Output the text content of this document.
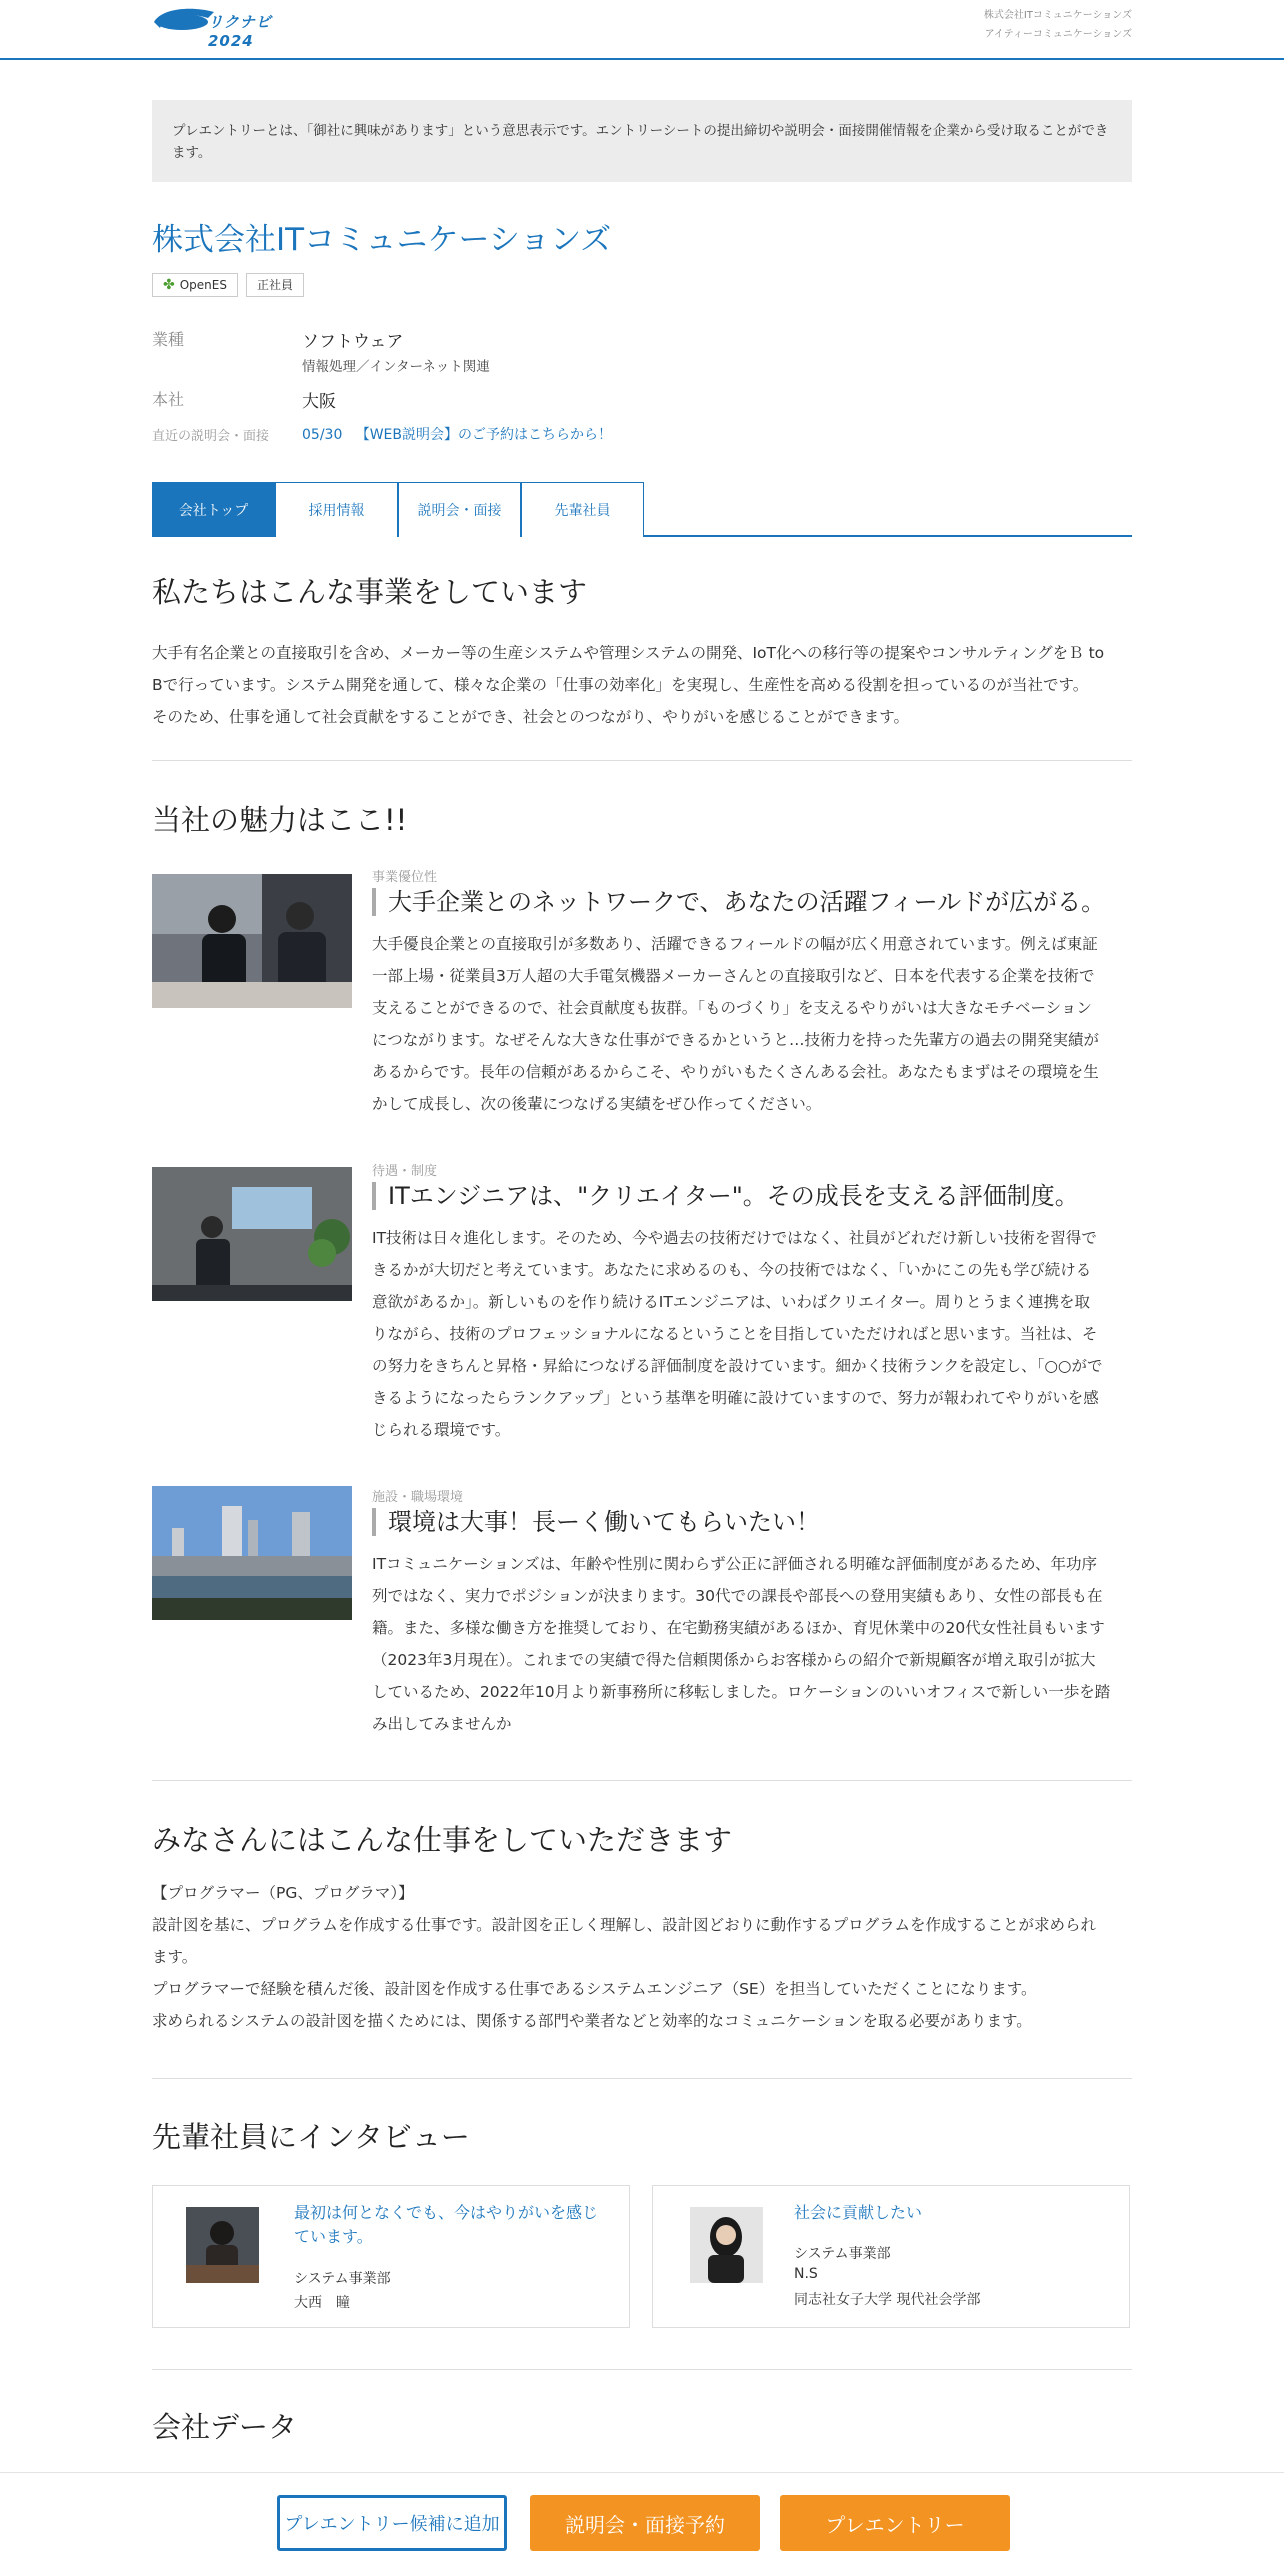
リクナビ2024
株式会社ITコミュニケーションズ
アイティーコミュニケーションズ
プレエントリーとは、「御社に興味があります」という意思表示です。エントリーシートの提出締切や説明会・面接開催情報を企業から受け取ることができます。
株式会社ITコミュニケーションズ
✤ OpenES	正社員
業種	ソフトウェア
情報処理／インターネット関連
本社	大阪
直近の説明会・面接 05/30 【WEB説明会】のご予約はこちらから！
会社トップ	採用情報	説明会・面接	先輩社員
私たちはこんな事業をしています
大手有名企業との直接取引を含め、メーカー等の生産システムや管理システムの開発、IoT化への移行等の提案やコンサルティングをＢ to
Bで行っています。システム開発を通して、様々な企業の「仕事の効率化」を実現し、生産性を高める役割を担っているのが当社です。
そのため、仕事を通して社会貢献をすることができ、社会とのつながり、やりがいを感じることができます。
当社の魅力はここ!!
事業優位性
大手企業とのネットワークで、あなたの活躍フィールドが広がる。
大手優良企業との直接取引が多数あり、活躍できるフィールドの幅が広く用意されています。例えば東証
一部上場・従業員3万人超の大手電気機器メーカーさんとの直接取引など、日本を代表する企業を技術で
支えることができるので、社会貢献度も抜群。「ものづくり」を支えるやりがいは大きなモチベーション
につながります。なぜそんな大きな仕事ができるかというと…技術力を持った先輩方の過去の開発実績が
あるからです。長年の信頼があるからこそ、やりがいもたくさんある会社。あなたもまずはその環境を生
かして成長し、次の後輩につなげる実績をぜひ作ってください。
待遇・制度
ITエンジニアは、"クリエイター"。その成長を支える評価制度。
IT技術は日々進化します。そのため、今や過去の技術だけではなく、社員がどれだけ新しい技術を習得で
きるかが大切だと考えています。あなたに求めるのも、今の技術ではなく、「いかにこの先も学び続ける
意欲があるか」。新しいものを作り続けるITエンジニアは、いわばクリエイター。周りとうまく連携を取
りながら、技術のプロフェッショナルになるということを目指していただければと思います。当社は、そ
の努力をきちんと昇格・昇給につなげる評価制度を設けています。細かく技術ランクを設定し、「○○がで
きるようになったらランクアップ」という基準を明確に設けていますので、努力が報われてやりがいを感
じられる環境です。
施設・職場環境
環境は大事！長ーく働いてもらいたい！
ITコミュニケーションズは、年齢や性別に関わらず公正に評価される明確な評価制度があるため、年功序
列ではなく、実力でポジションが決まります。30代での課長や部長への登用実績もあり、女性の部長も在
籍。また、多様な働き方を推奨しており、在宅勤務実績があるほか、育児休業中の20代女性社員もいます
（2023年3月現在）。これまでの実績で得た信頼関係からお客様からの紹介で新規顧客が増え取引が拡大
しているため、2022年10月より新事務所に移転しました。ロケーションのいいオフィスで新しい一歩を踏
み出してみませんか
みなさんにはこんな仕事をしていただきます
【プログラマー（PG、プログラマ）】
設計図を基に、プログラムを作成する仕事です。設計図を正しく理解し、設計図どおりに動作するプログラムを作成することが求められ
ます。
プログラマーで経験を積んだ後、設計図を作成する仕事であるシステムエンジニア（SE）を担当していただくことになります。
求められるシステムの設計図を描くためには、関係する部門や業者などと効率的なコミュニケーションを取る必要があります。
先輩社員にインタビュー
最初は何となくでも、今はやりがいを感じています。
システム事業部
大西　瞳
社会に貢献したい
システム事業部
N.S
同志社女子大学 現代社会学部
会社データ
プレエントリー候補に追加	説明会・面接予約	プレエントリー
